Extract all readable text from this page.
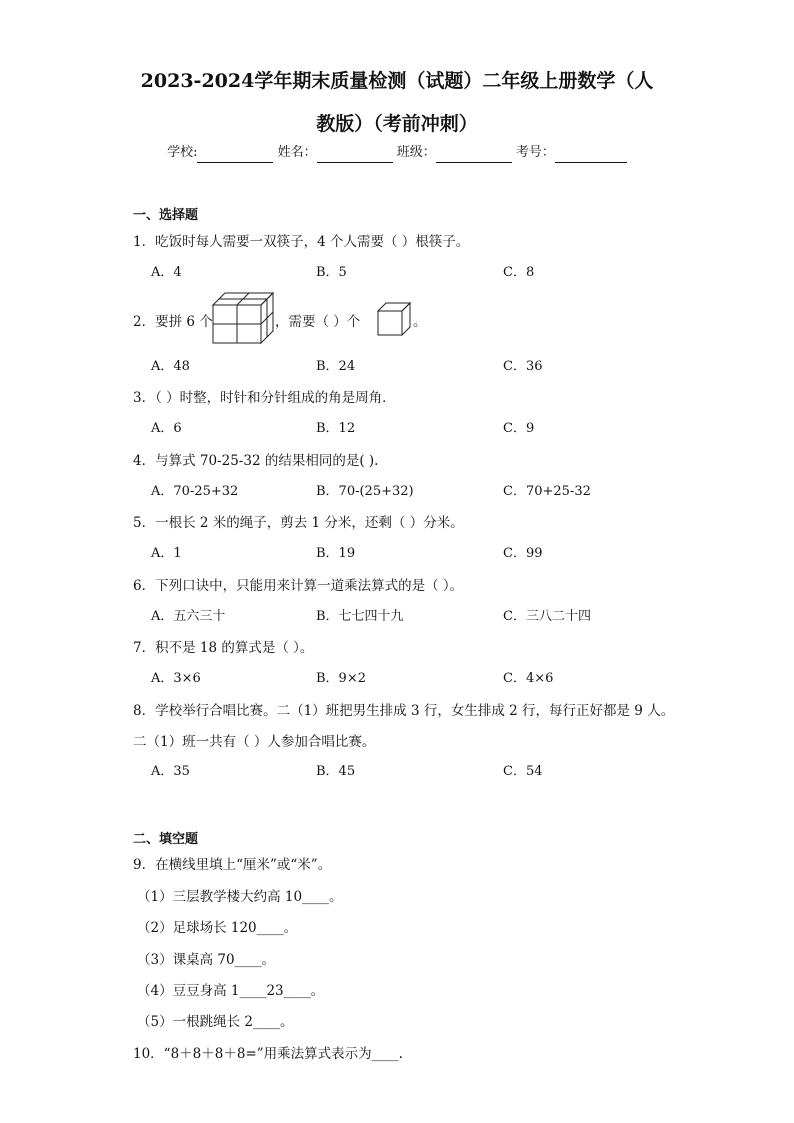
2023-2024学年期末质量检测（试题）二年级上册数学（人
教版）（考前冲刺）
学校:	姓名：	班级：	考号：
一、选择题
1．吃饭时每人需要一双筷子，4 个人需要（ ）根筷子。
A．4	B．5	C．8
2．要拼 6 个	，需要（ ）个	。
A．48	B．24	C．36
3．（ ）时整，时针和分针组成的角是周角．
A．6	B．12	C．9
4．与算式 70-25-32 的结果相同的是( ).
A．70-25+32	B．70-(25+32)	C．70+25-32
5．一根长 2 米的绳子，剪去 1 分米，还剩（ ）分米。
A．1	B．19	C．99
6．下列口诀中，只能用来计算一道乘法算式的是（ ）。
A．五六三十	B．七七四十九	C．三八二十四
7．积不是 18 的算式是（ ）。
A．3×6	B．9×2	C．4×6
8．学校举行合唱比赛。二（1）班把男生排成 3 行，女生排成 2 行，每行正好都是 9 人。
二（1）班一共有（ ）人参加合唱比赛。
A．35	B．45	C．54
二、填空题
9．在横线里填上“厘米”或“米”。
（1）三层教学楼大约高 10____。
（2）足球场长 120____。
（3）课桌高 70____。
（4）豆豆身高 1____23____。
（5）一根跳绳长 2____。
10．“8＋8＋8＋8=”用乘法算式表示为____.
